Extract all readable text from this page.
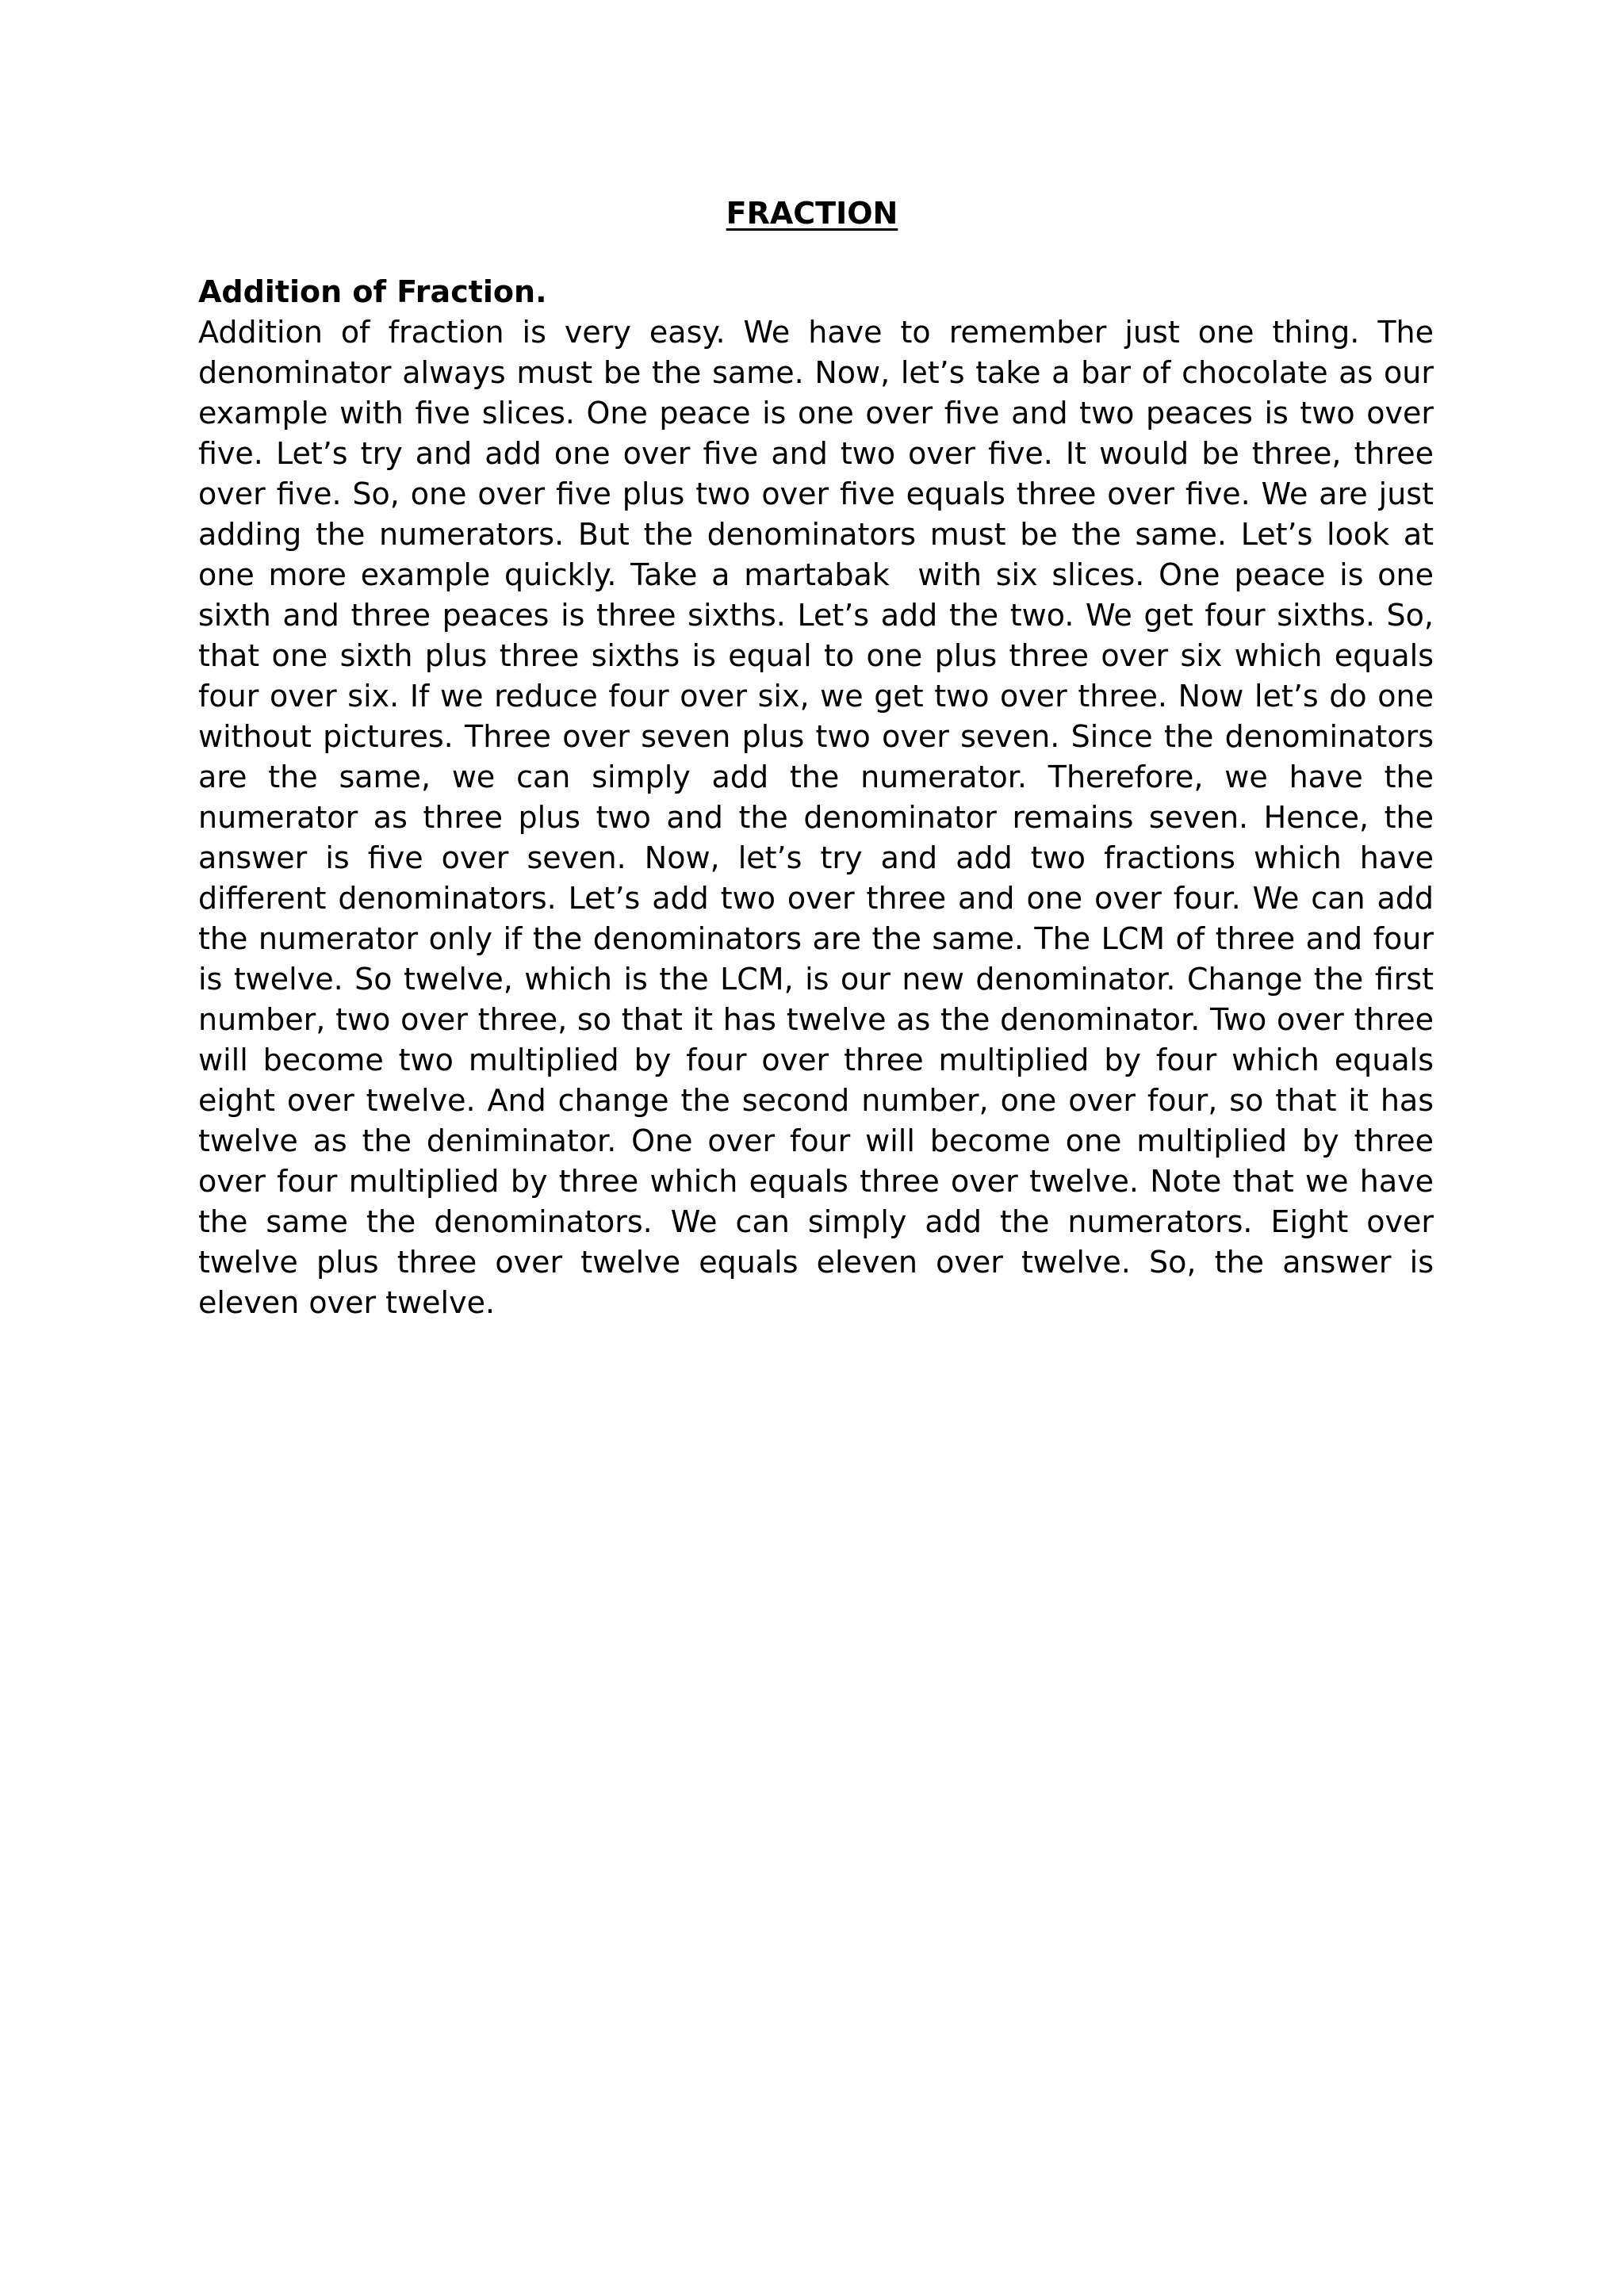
FRACTION
Addition of Fraction.

Addition of fraction is very easy. We have to remember just one thing. The denominator always must be the same. Now, let’s take a bar of chocolate as our example with five slices. One peace is one over five and two peaces is two over five. Let’s try and add one over five and two over five. It would be three, three over five. So, one over five plus two over five equals three over five. We are just adding the numerators. But the denominators must be the same. Let’s look at one more example quickly. Take a martabak  with six slices. One peace is one sixth and three peaces is three sixths. Let’s add the two. We get four sixths. So,  that one sixth plus three sixths is equal to one plus three over six which equals four over six. If we reduce four over six, we get two over three. Now let’s do one without pictures. Three over seven plus two over seven. Since the denominators are the same, we can simply add the numerator. Therefore, we have the numerator as three plus two and the denominator remains seven. Hence, the answer is five over seven. Now, let’s try and add two fractions which have different denominators. Let’s add two over three and one over four. We can add the numerator only if the denominators are the same. The LCM of three and four is twelve. So twelve, which is the LCM, is our new denominator. Change the first number, two over three, so that it has twelve as the denominator. Two over three will become two multiplied by four over three multiplied by four which equals eight over twelve. And change the second number, one over four, so that it has twelve as the deniminator. One over four will become one multiplied by three over four multiplied by three which equals three over twelve. Note that we have the same the denominators. We can simply add the numerators. Eight over twelve plus three over twelve equals eleven over twelve. So, the answer is eleven over twelve.
